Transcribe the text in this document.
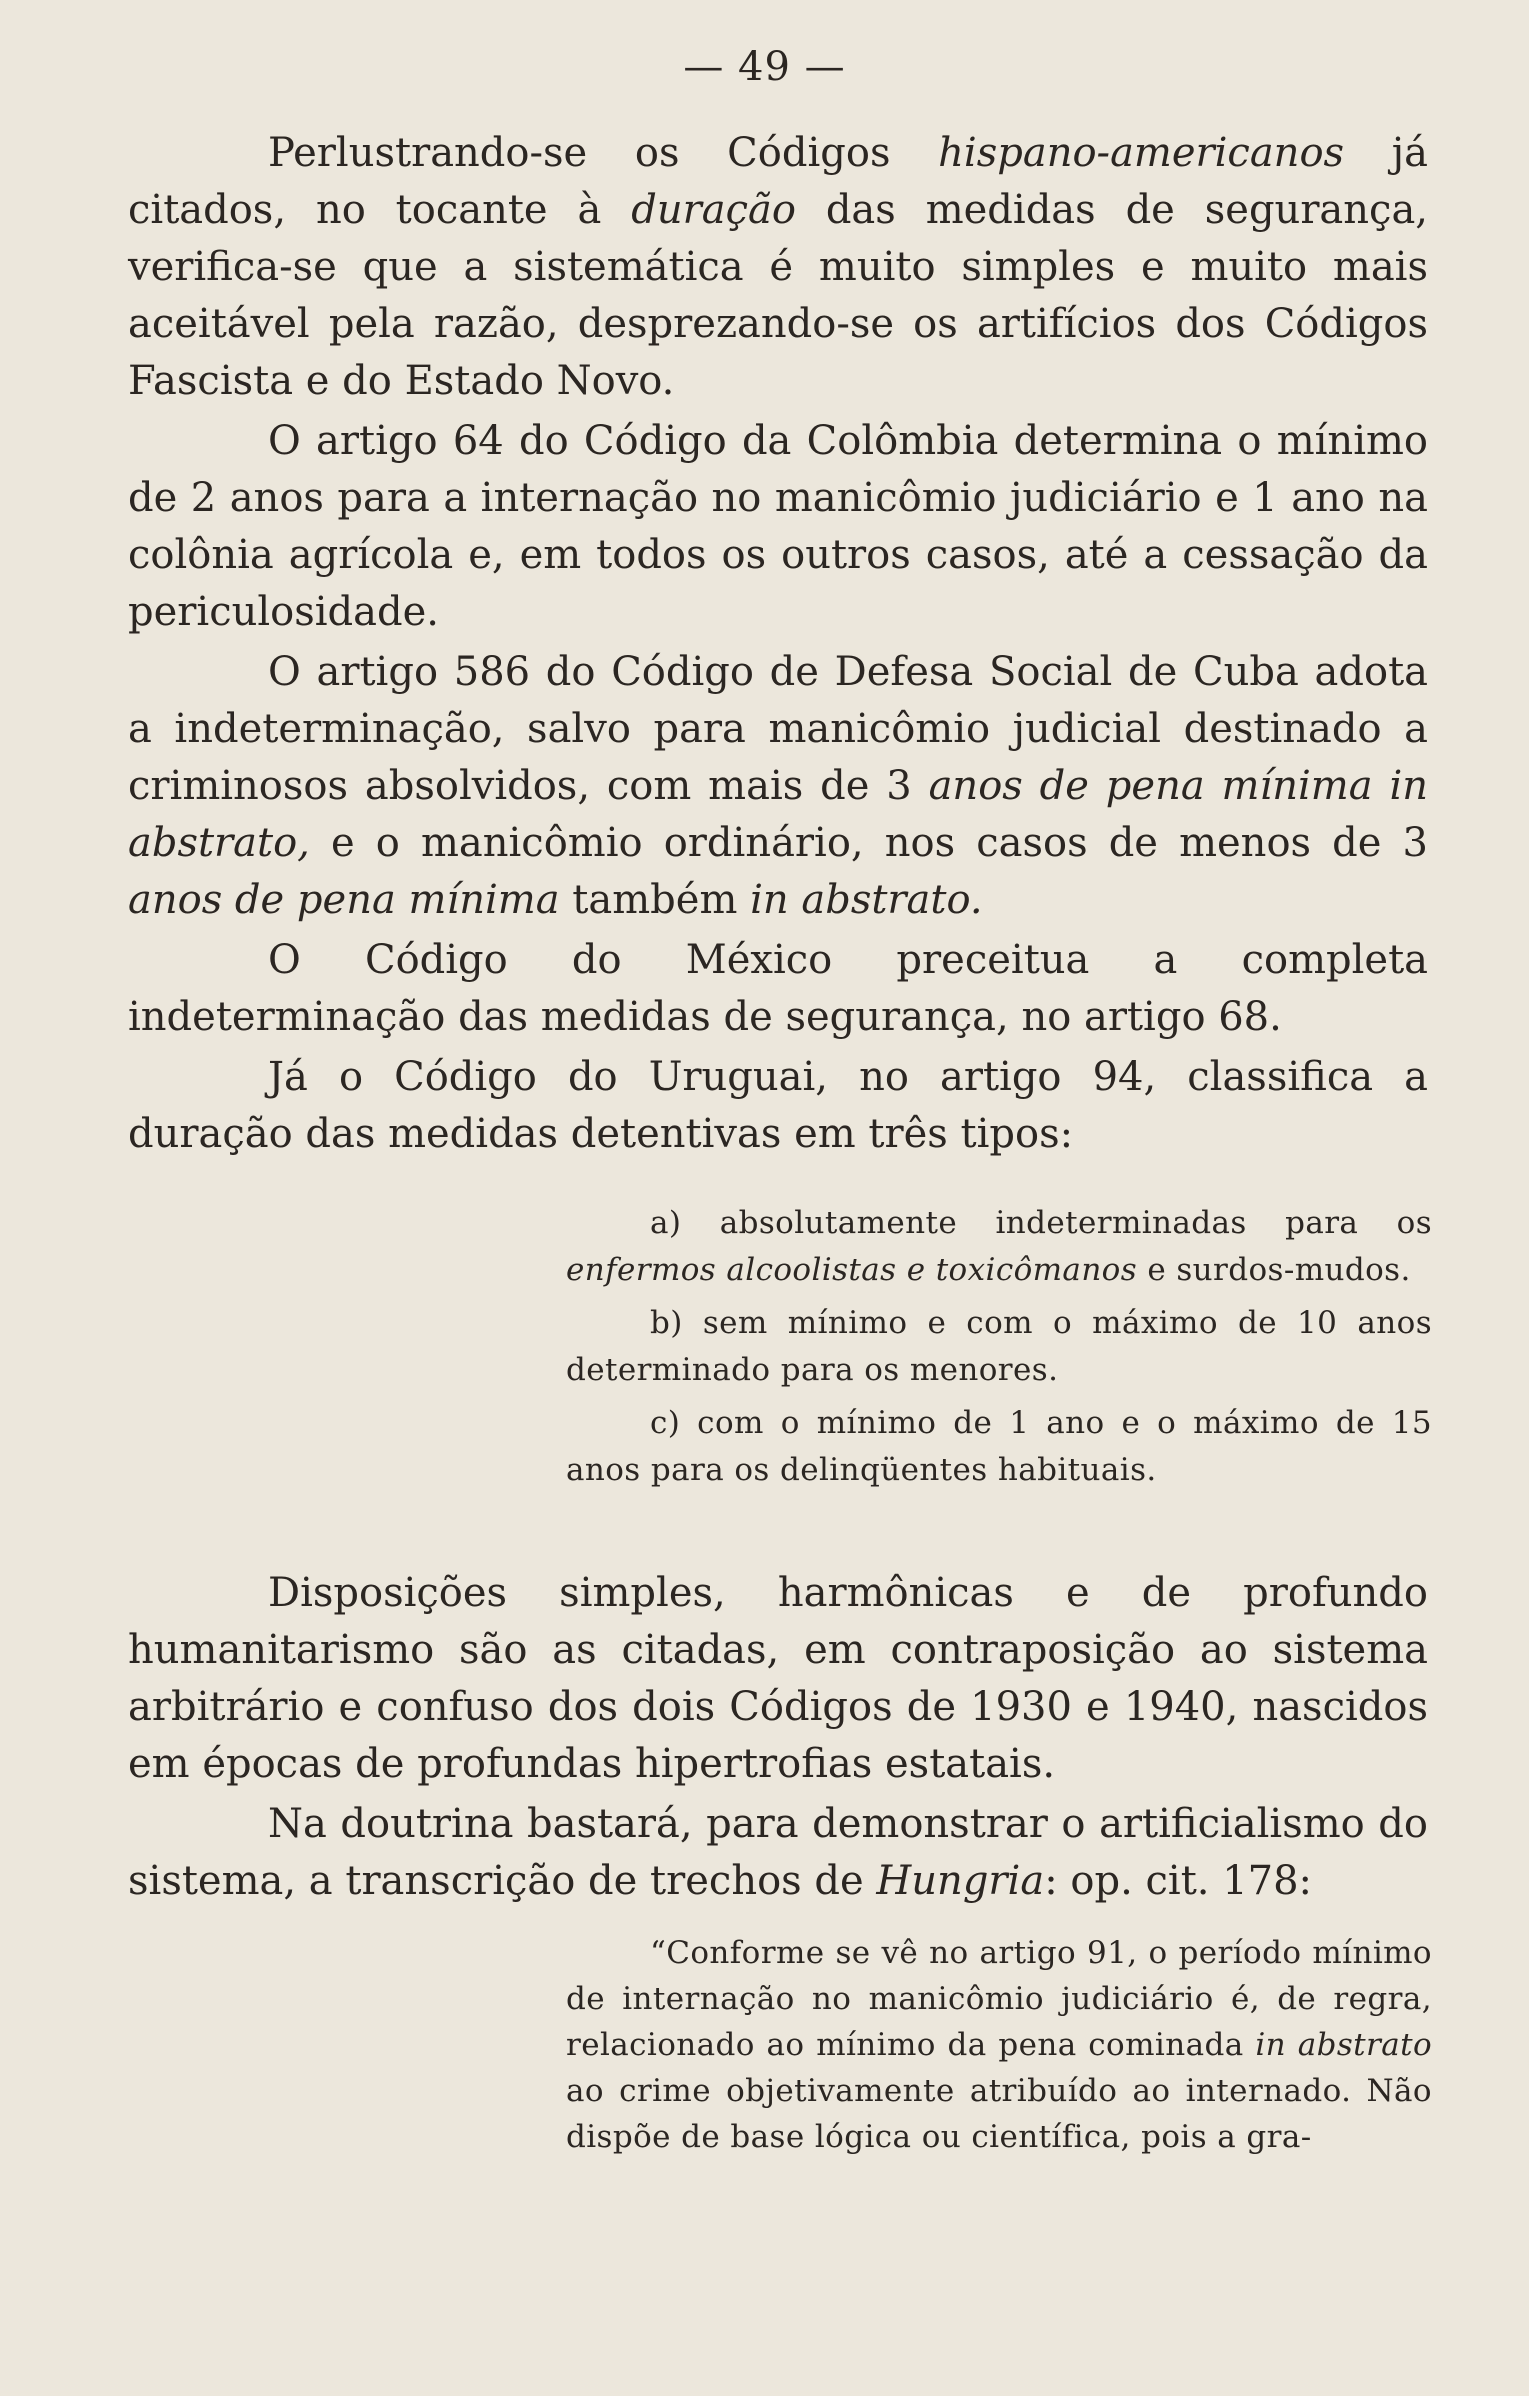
— 49 —

Perlustrando-se os Códigos hispano-americanos já citados, no tocante à duração das medidas de segurança, verifica-se que a sistemática é muito simples e muito mais aceitável pela razão, desprezando-se os artifícios dos Códigos Fascista e do Estado Novo.

O artigo 64 do Código da Colômbia determina o mínimo de 2 anos para a internação no manicômio judiciário e 1 ano na colônia agrícola e, em todos os outros casos, até a cessação da periculosidade.

O artigo 586 do Código de Defesa Social de Cuba adota a indeterminação, salvo para manicômio judicial destinado a criminosos absolvidos, com mais de 3 anos de pena mínima in abstrato, e o manicômio ordinário, nos casos de menos de 3 anos de pena mínima também in abstrato.

O Código do México preceitua a completa indeterminação das medidas de segurança, no artigo 68.

Já o Código do Uruguai, no artigo 94, classifica a duração das medidas detentivas em três tipos:

a) absolutamente indeterminadas para os enfermos alcoolistas e toxicômanos e surdos-mudos.

b) sem mínimo e com o máximo de 10 anos determinado para os menores.

c) com o mínimo de 1 ano e o máximo de 15 anos para os delinqüentes habituais.

Disposições simples, harmônicas e de profundo humanitarismo são as citadas, em contraposição ao sistema arbitrário e confuso dos dois Códigos de 1930 e 1940, nascidos em épocas de profundas hipertrofias estatais.

Na doutrina bastará, para demonstrar o artificialismo do sistema, a transcrição de trechos de Hungria: op. cit. 178:

“Conforme se vê no artigo 91, o período mínimo de internação no manicômio judiciário é, de regra, relacionado ao mínimo da pena cominada in abstrato ao crime objetivamente atribuído ao internado. Não dispõe de base lógica ou científica, pois a gra-
